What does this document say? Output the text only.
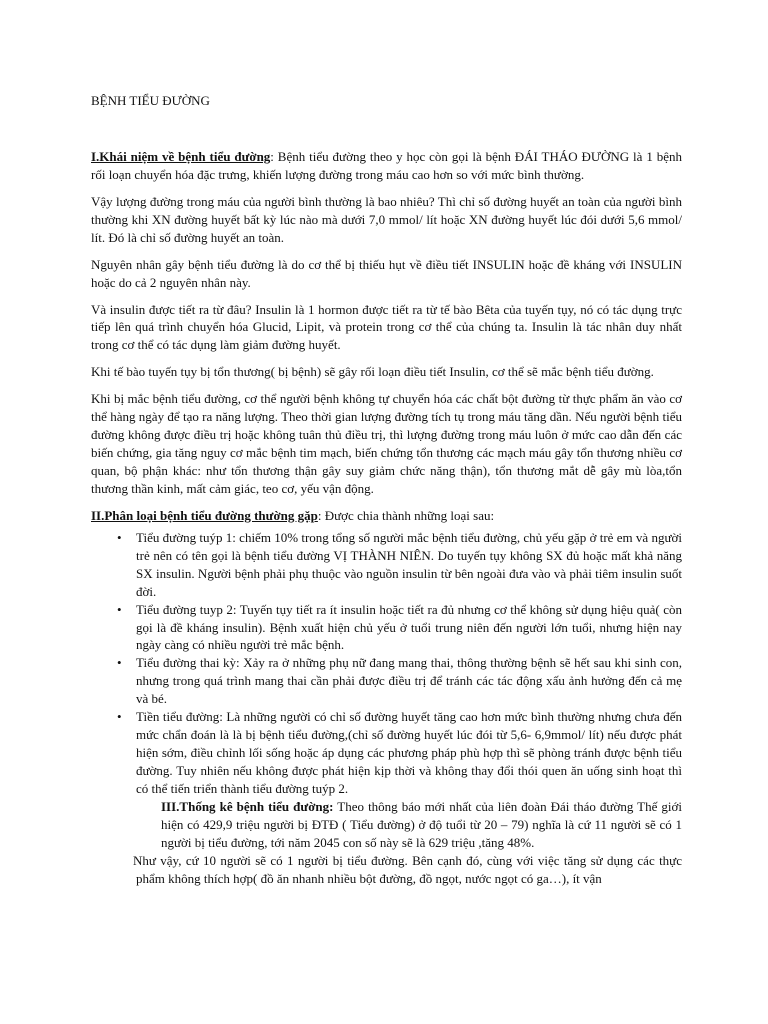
BỆNH TIỂU ĐƯỜNG

I.Khái niệm về bệnh tiểu đường: Bệnh tiểu đường theo y học còn gọi là bệnh ĐÁI THÁO ĐƯỜNG là 1 bệnh rối loạn chuyển hóa đặc trưng, khiến lượng đường trong máu cao hơn so với mức bình thường.

Vậy lượng đường trong máu của người bình thường là bao nhiêu? Thì chỉ số đường huyết an toàn của người bình thường khi XN đường huyết bất kỳ lúc nào mà dưới 7,0 mmol/ lít hoặc XN đường huyết lúc đói dưới 5,6 mmol/ lít. Đó là chỉ số đường huyết an toàn.

Nguyên nhân gây bệnh tiểu đường là do cơ thể bị thiếu hụt về điều tiết INSULIN hoặc đề kháng với INSULIN hoặc do cả 2 nguyên nhân này.

Và insulin được tiết ra từ đâu? Insulin là 1 hormon được tiết ra từ tế bào Bêta của tuyến tụy, nó có tác dụng trực tiếp lên quá trình chuyển hóa Glucid, Lipit, và protein trong cơ thể của chúng ta. Insulin là tác nhân duy nhất trong cơ thể có tác dụng làm giảm đường huyết.

Khi tế bào tuyến tụy bị tổn thương( bị bệnh) sẽ gây rối loạn điều tiết Insulin, cơ thể sẽ mắc bệnh tiểu đường.

Khi bị mắc bệnh tiểu đường, cơ thể người bệnh không tự chuyển hóa các chất bột đường từ thực phẩm ăn vào cơ thể hàng ngày để tạo ra năng lượng. Theo thời gian lượng đường tích tụ trong máu tăng dần. Nếu người bệnh tiểu đường không được điều trị hoặc không tuân thủ điều trị, thì lượng đường trong máu luôn ở mức cao dẫn đến các biến chứng, gia tăng nguy cơ mắc bệnh tim mạch, biến chứng tổn thương các mạch máu gây tổn thương nhiều cơ quan, bộ phận khác: như tổn thương thận gây suy giảm chức năng thận), tổn thương mắt dễ gây mù lòa,tổn thương thần kinh, mất cảm giác, teo cơ, yếu vận động.

II.Phân loại bệnh tiểu đường thường gặp: Được chia thành những loại sau:

• Tiểu đường tuýp 1: chiếm 10% trong tổng số người mắc bệnh tiểu đường, chủ yếu gặp ở trẻ em và người trẻ nên có tên gọi là bệnh tiểu đường VỊ THÀNH NIÊN. Do tuyến tụy không SX đủ hoặc mất khả năng SX insulin. Người bệnh phải phụ thuộc vào nguồn insulin từ bên ngoài đưa vào và phải tiêm insulin suốt đời.
• Tiểu đường tuyp 2: Tuyến tụy tiết ra ít insulin hoặc tiết ra đủ nhưng cơ thể không sử dụng hiệu quả( còn gọi là đề kháng insulin). Bệnh xuất hiện chủ yếu ở tuổi trung niên đến người lớn tuổi, nhưng hiện nay ngày càng có nhiều người trẻ mắc bệnh.
• Tiểu đường thai kỳ: Xảy ra ở những phụ nữ đang mang thai, thông thường bệnh sẽ hết sau khi sinh con, nhưng trong quá trình mang thai cần phải được điều trị để tránh các tác động xấu ảnh hưởng đến cả mẹ và bé.
• Tiền tiểu đường: Là những người có chỉ số đường huyết tăng cao hơn mức bình thường nhưng chưa đến mức chẩn đoán là là bị bệnh tiểu đường,(chỉ số đường huyết lúc đói từ 5,6- 6,9mmol/ lít) nếu được phát hiện sớm, điều chỉnh lối sống hoặc áp dụng các phương pháp phù hợp thì sẽ phòng tránh được bệnh tiểu đường. Tuy nhiên nếu không được phát hiện kịp thời và không thay đổi thói quen ăn uống sinh hoạt thì có thể tiến triển thành tiểu đường tuýp 2.
III.Thống kê bệnh tiểu đường: Theo thông báo mới nhất của liên đoàn Đái tháo đường Thế giới hiện có 429,9 triệu người bị ĐTĐ ( Tiểu đường) ở độ tuổi từ 20 – 79) nghĩa là cứ 11 người sẽ có 1 người bị tiểu đường, tới năm 2045 con số này sẽ là 629 triệu ,tăng 48%.
Như vậy, cứ 10 người sẽ có 1 người bị tiểu đường. Bên cạnh đó, cùng với việc tăng sử dụng các thực phẩm không thích hợp( đồ ăn nhanh nhiều bột đường, đồ ngọt, nước ngọt có ga…), ít vận
